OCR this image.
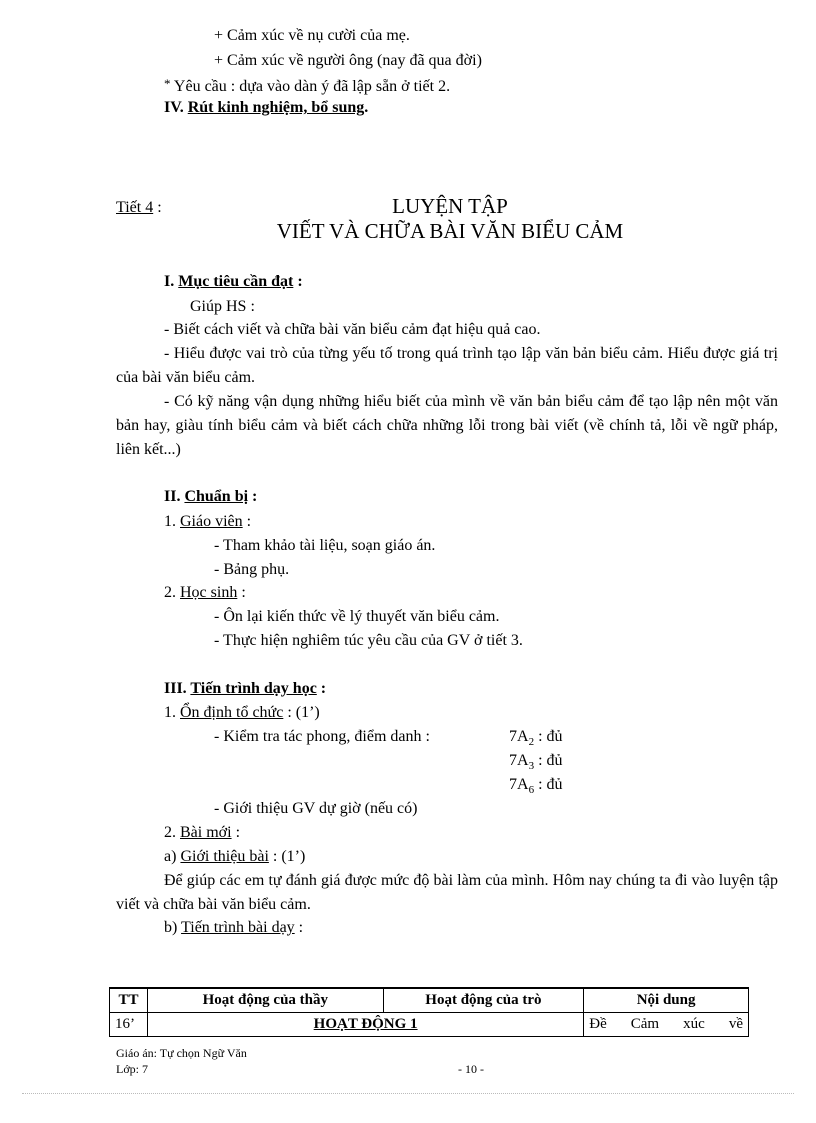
+ Cảm xúc về nụ cười của mẹ.
+ Cảm xúc về người ông (nay đã qua đời)
* Yêu cầu : dựa vào dàn ý đã lập sẵn ở tiết 2.
IV. Rút kinh nghiệm, bổ sung.
Tiết 4 :	LUYỆN TẬP
VIẾT VÀ CHỮA BÀI VĂN BIỂU CẢM
I. Mục tiêu cần đạt :
Giúp HS :
- Biết cách viết và chữa bài văn biểu cảm đạt hiệu quả cao.
- Hiểu được vai trò của từng yếu tố trong quá trình tạo lập văn bản biểu cảm. Hiểu được giá trị của bài văn biểu cảm.
- Có kỹ năng vận dụng những hiểu biết của mình về văn bản biểu cảm để tạo lập nên một văn bản hay, giàu tính biểu cảm và biết cách chữa những lỗi trong bài viết (về chính tả, lỗi về ngữ pháp, liên kết...)
II. Chuẩn bị :
1. Giáo viên :
- Tham khảo tài liệu, soạn giáo án.
- Bảng phụ.
2. Học sinh :
- Ôn lại kiến thức về lý thuyết văn biểu cảm.
- Thực hiện nghiêm túc yêu cầu của GV ở tiết 3.
III. Tiến trình dạy học :
1. Ổn định tổ chức : (1’)
- Kiểm tra tác phong, điểm danh :	$7A_2$ : đủ
$7A_3$ : đủ
$7A_6$ : đủ
- Giới thiệu GV dự giờ (nếu có)
2. Bài mới :
a) Giới thiệu bài : (1’)
Để giúp các em tự đánh giá được mức độ bài làm của mình. Hôm nay chúng ta đi vào luyện tập viết và chữa bài văn biểu cảm.
b) Tiến trình bài dạy :
TT	Hoạt động của thầy	Hoạt động của trò	Nội dung
16’	HOẠT ĐỘNG 1		Đề Cảm xúc về
Giáo án: Tự chọn Ngữ Văn
Lớp: 7	- 10 -
